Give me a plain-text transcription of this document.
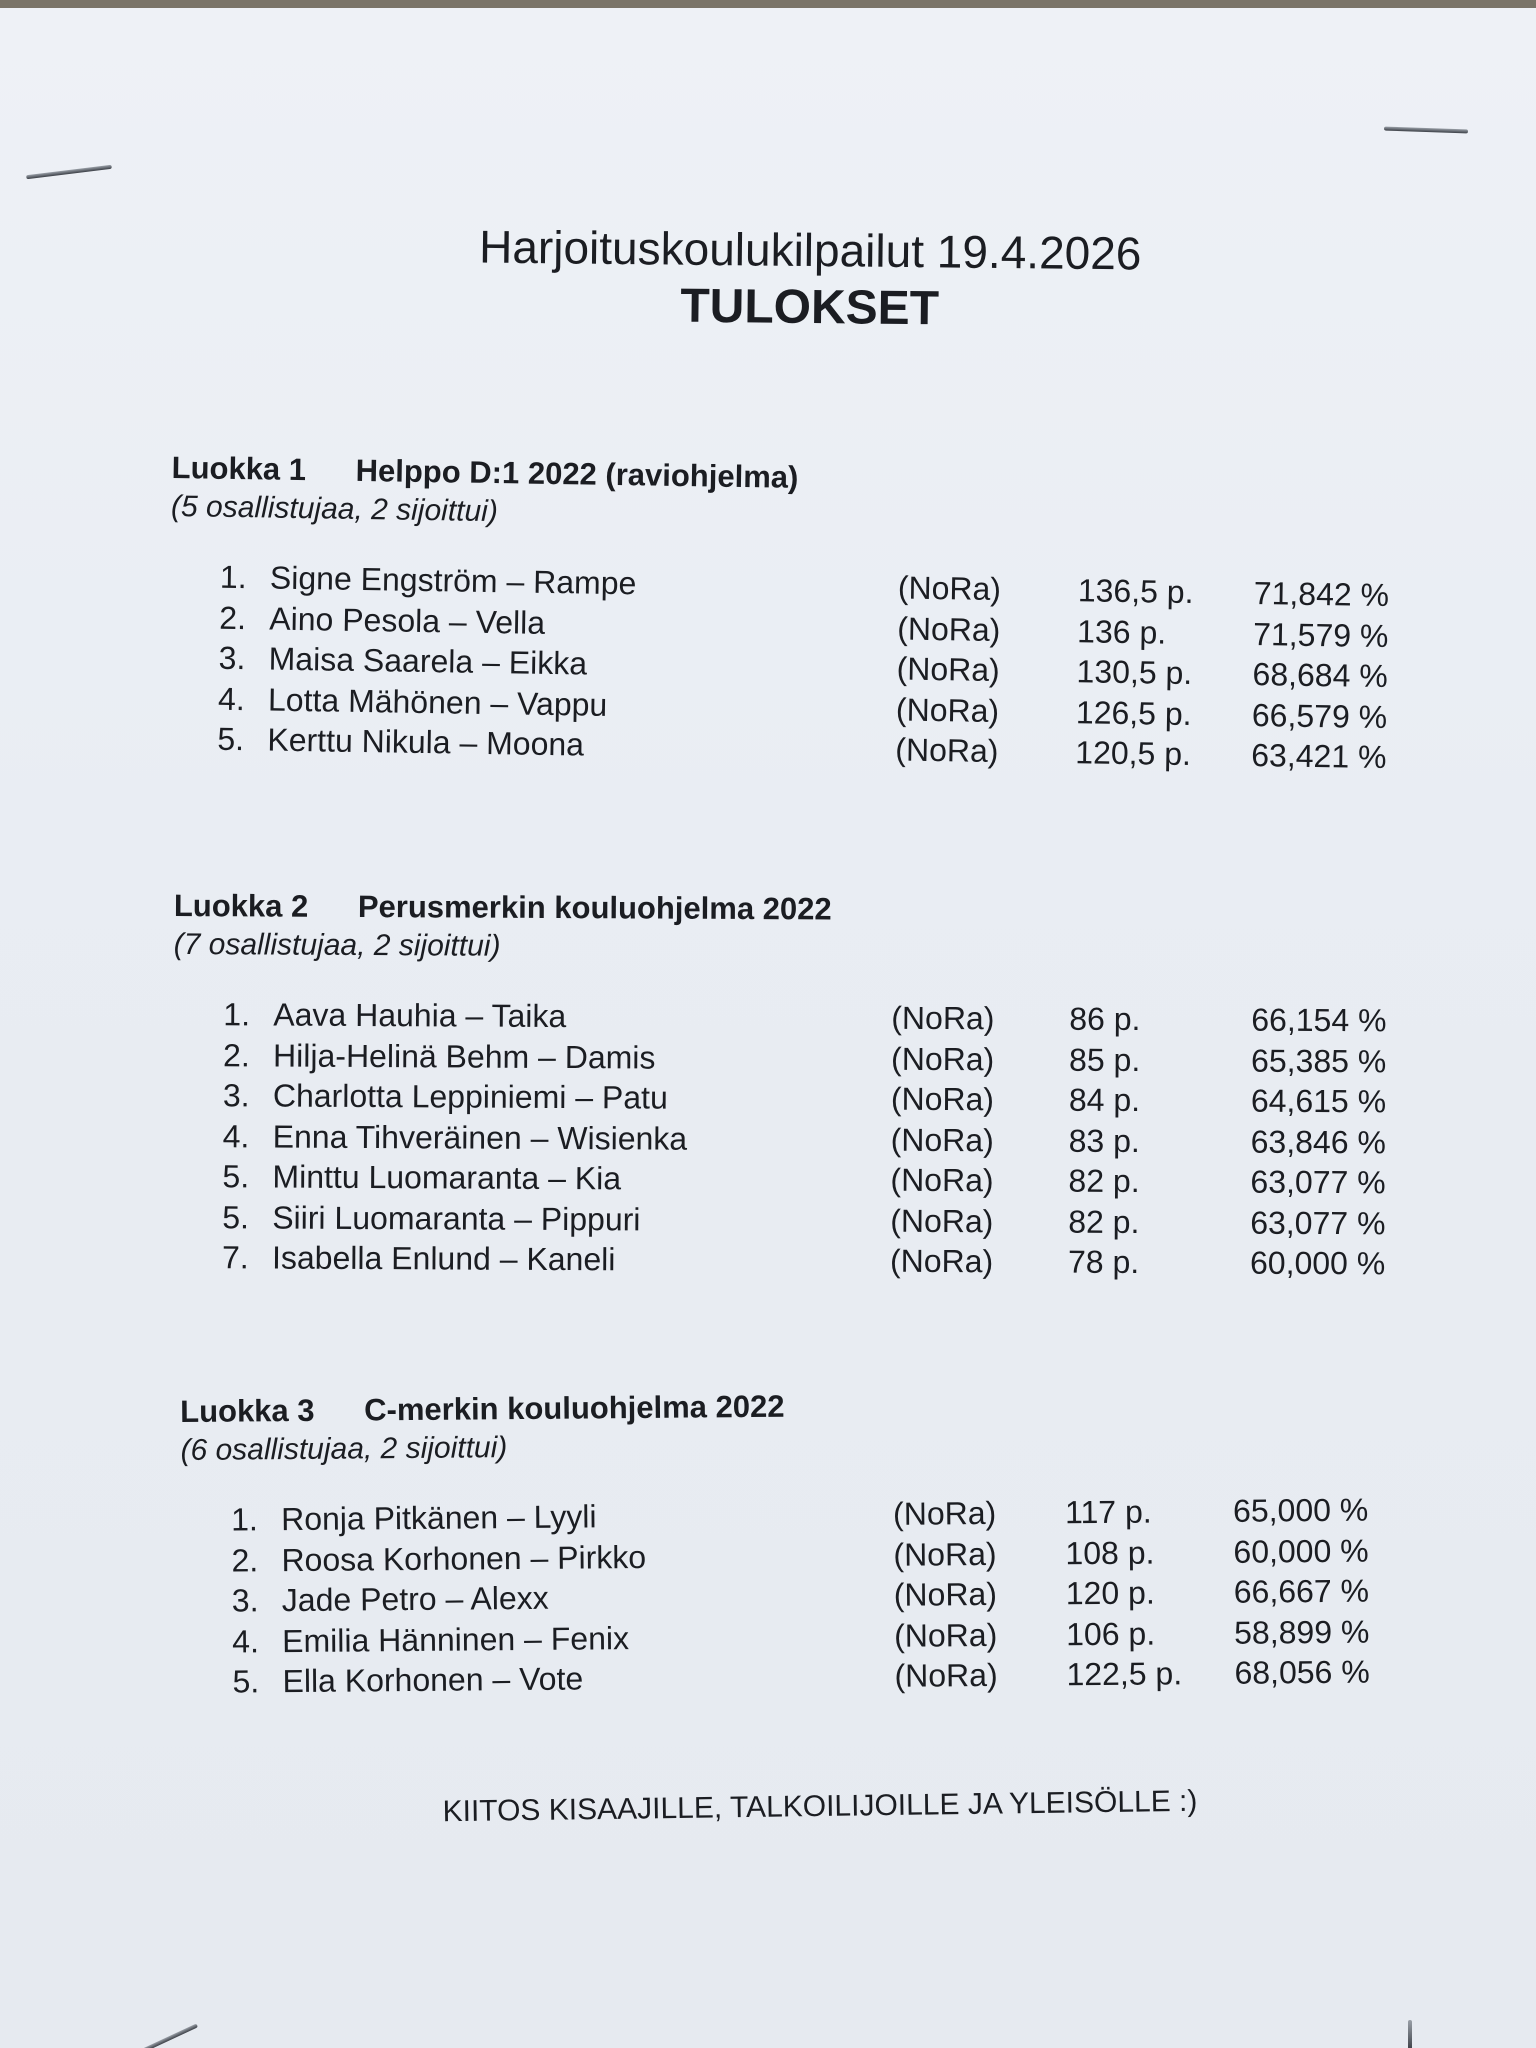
Harjoituskoulukilpailut 19.4.2026
TULOKSET
Luokka 1 Helppo D:1 2022 (raviohjelma)
(5 osallistujaa, 2 sijoittui)
1. Signe Engström – Rampe	(NoRa) 136,5 p. 71,842 %
2. Aino Pesola – Vella	(NoRa) 136 p.	71,579 %
3. Maisa Saarela – Eikka	(NoRa) 130,5 p. 68,684 %
4. Lotta Mähönen – Vappu	(NoRa) 126,5 p. 66,579 %
5. Kerttu Nikula – Moona	(NoRa) 120,5 p. 63,421 %
Luokka 2 Perusmerkin kouluohjelma 2022
(7 osallistujaa, 2 sijoittui)
1. Aava Hauhia – Taika	(NoRa) 86 p.	66,154 %
2. Hilja-Helinä Behm – Damis	(NoRa) 85 p.	65,385 %
3. Charlotta Leppiniemi – Patu	(NoRa) 84 p.	64,615 %
4. Enna Tihveräinen – Wisienka	(NoRa) 83 p.	63,846 %
5. Minttu Luomaranta – Kia	(NoRa) 82 p.	63,077 %
5. Siiri Luomaranta – Pippuri	(NoRa) 82 p.	63,077 %
7. Isabella Enlund – Kaneli	(NoRa) 78 p.	60,000 %
Luokka 3 C-merkin kouluohjelma 2022
(6 osallistujaa, 2 sijoittui)
1. Ronja Pitkänen – Lyyli	(NoRa) 117 p.	65,000 %
2. Roosa Korhonen – Pirkko	(NoRa) 108 p. 60,000 %
3. Jade Petro – Alexx	(NoRa) 120 p. 66,667 %
4. Emilia Hänninen – Fenix	(NoRa) 106 p. 58,899 %
5. Ella Korhonen – Vote	(NoRa) 122,5 p. 68,056 %
KIITOS KISAAJILLE, TALKOILIJOILLE JA YLEISÖLLE :)
